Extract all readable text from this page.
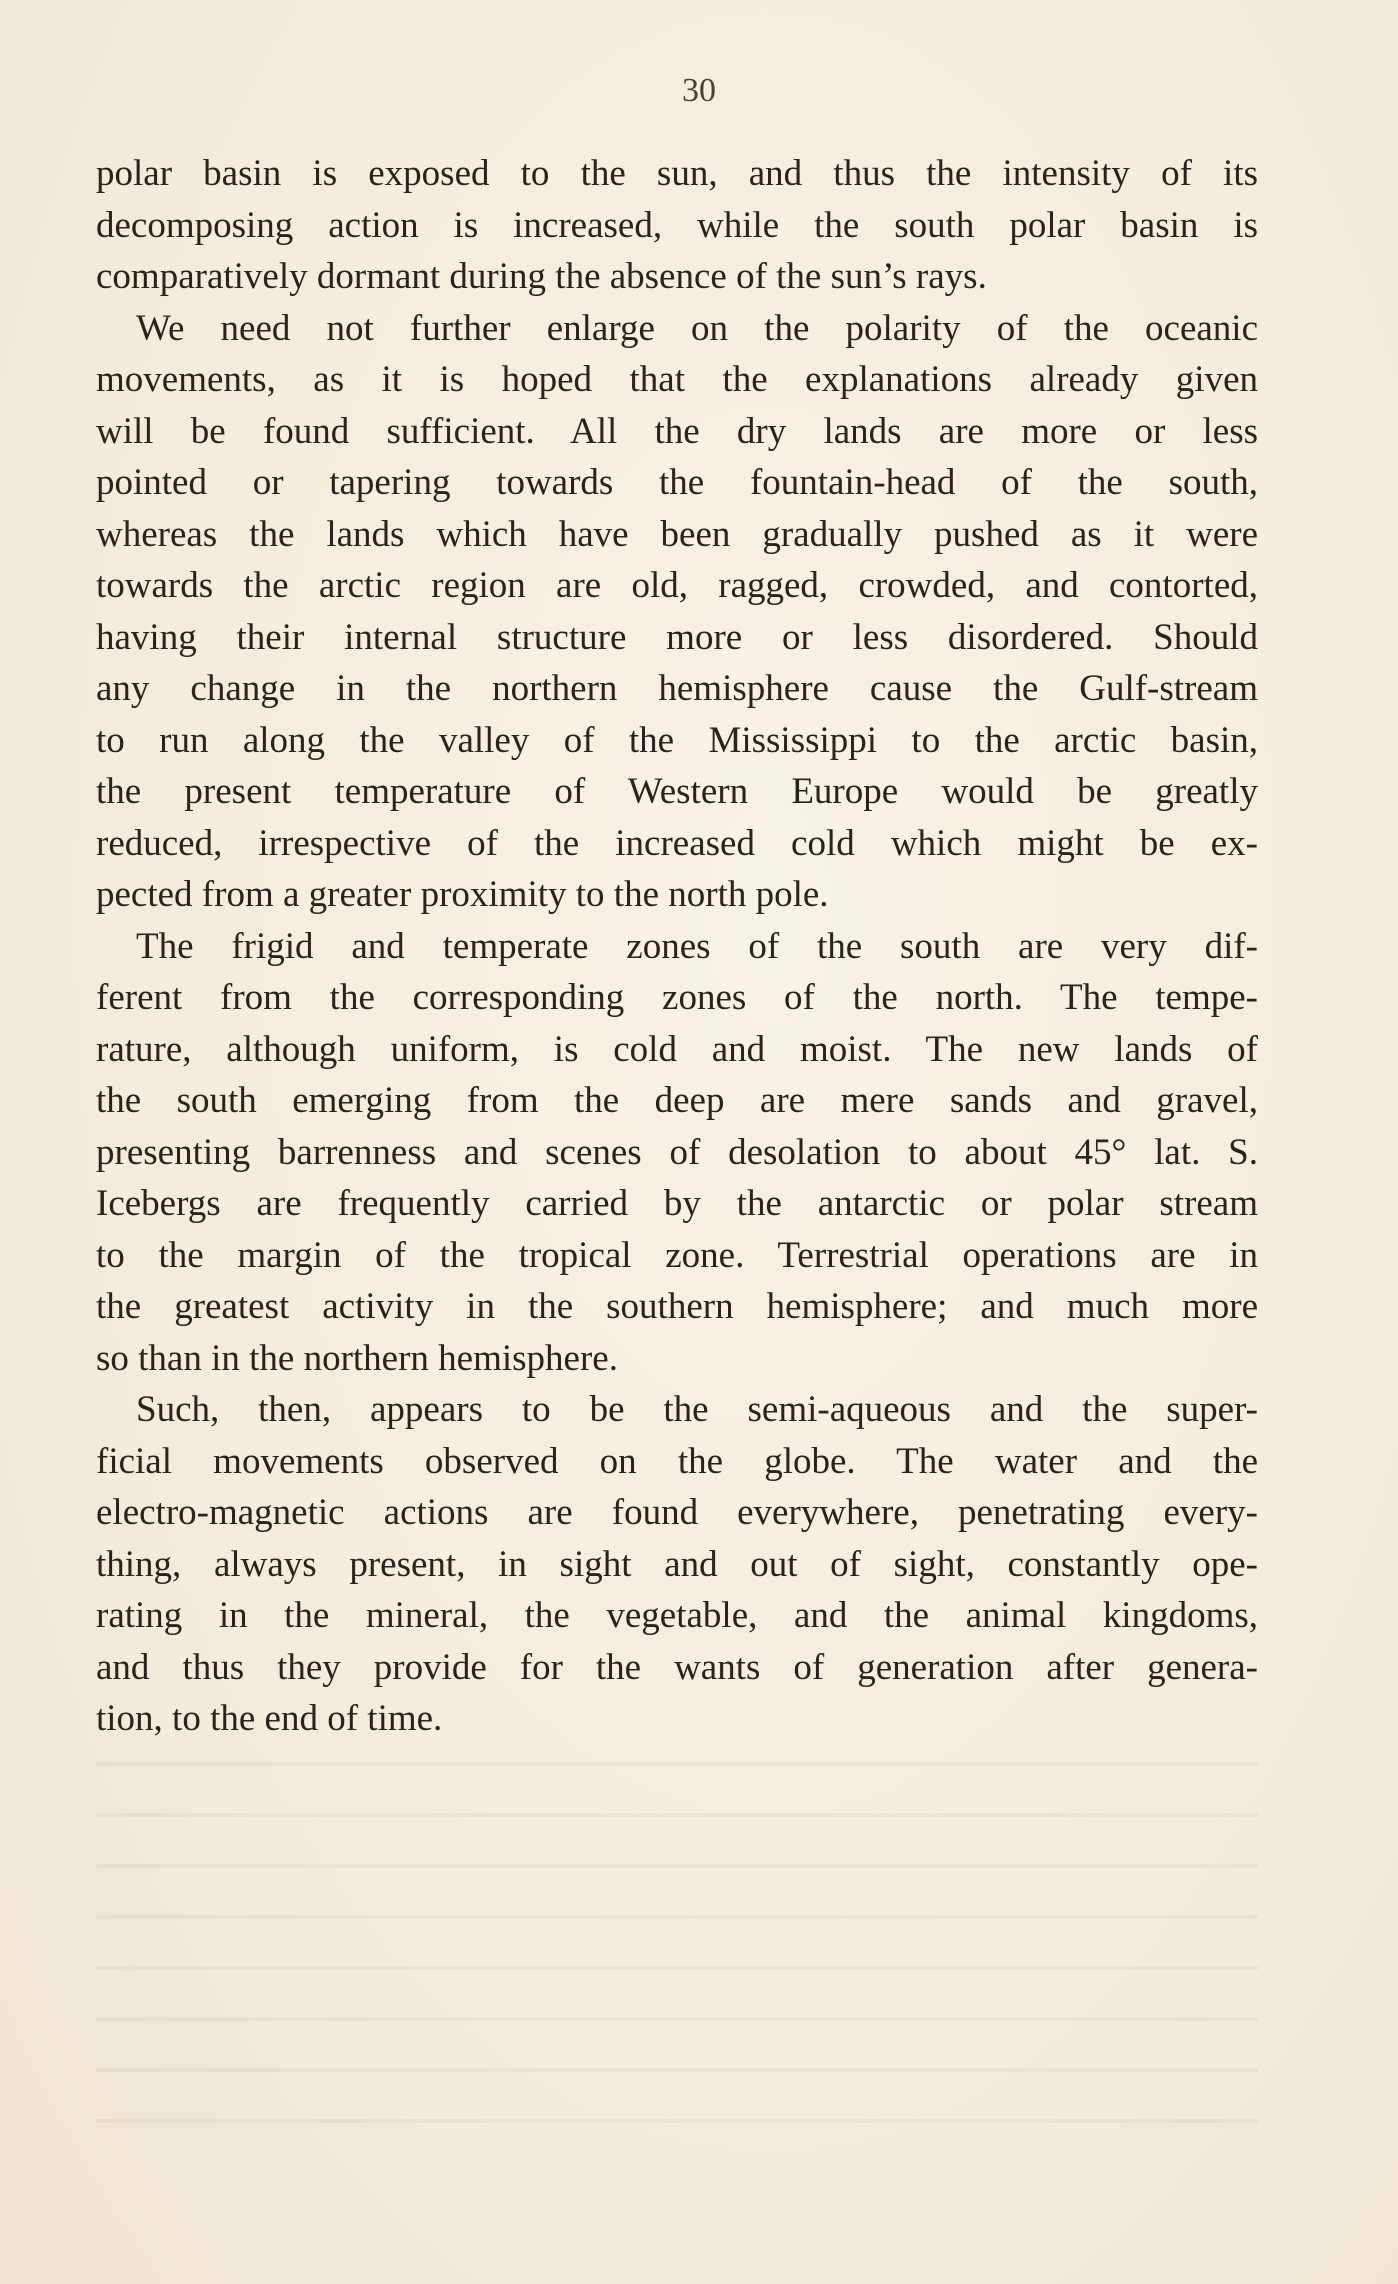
30
polar basin is exposed to the sun, and thus the intensity of its
decomposing action is increased, while the south polar basin is
comparatively dormant during the absence of the sun’s rays.
We need not further enlarge on the polarity of the oceanic
movements, as it is hoped that the explanations already given
will be found sufficient. All the dry lands are more or less
pointed or tapering towards the fountain-head of the south,
whereas the lands which have been gradually pushed as it were
towards the arctic region are old, ragged, crowded, and contorted,
having their internal structure more or less disordered. Should
any change in the northern hemisphere cause the Gulf-stream
to run along the valley of the Mississippi to the arctic basin,
the present temperature of Western Europe would be greatly
reduced, irrespective of the increased cold which might be ex-
pected from a greater proximity to the north pole.
The frigid and temperate zones of the south are very dif-
ferent from the corresponding zones of the north. The tempe-
rature, although uniform, is cold and moist. The new lands of
the south emerging from the deep are mere sands and gravel,
presenting barrenness and scenes of desolation to about 45° lat. S.
Icebergs are frequently carried by the antarctic or polar stream
to the margin of the tropical zone. Terrestrial operations are in
the greatest activity in the southern hemisphere; and much more
so than in the northern hemisphere.
Such, then, appears to be the semi-aqueous and the super-
ficial movements observed on the globe. The water and the
electro-magnetic actions are found everywhere, penetrating every-
thing, always present, in sight and out of sight, constantly ope-
rating in the mineral, the vegetable, and the animal kingdoms,
and thus they provide for the wants of generation after genera-
tion, to the end of time.
